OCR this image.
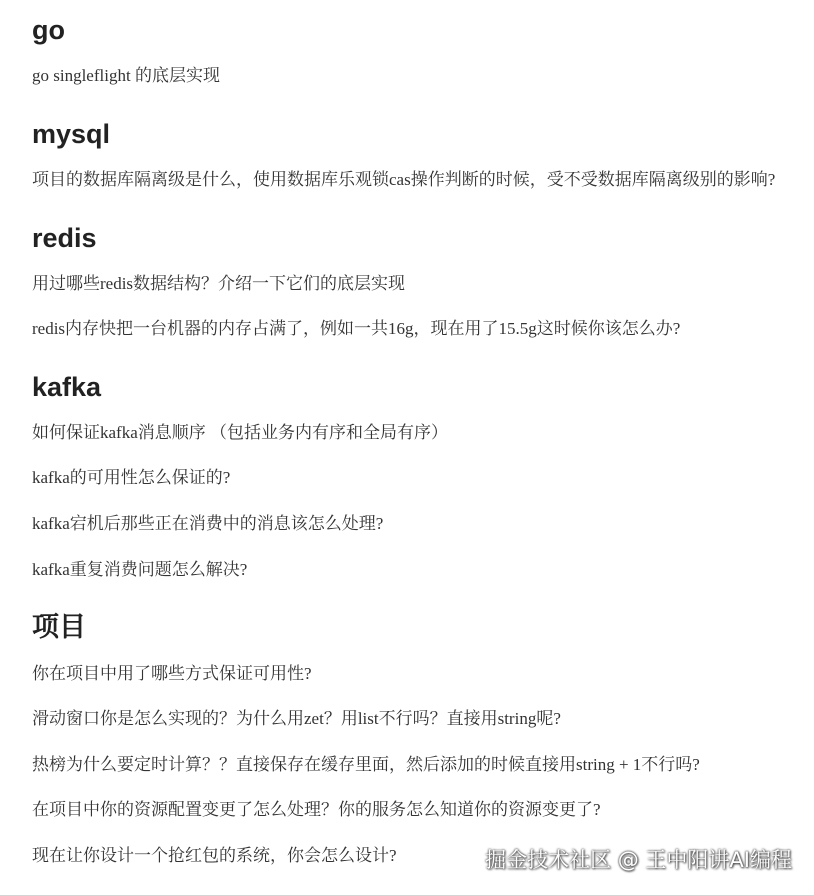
go

go singleflight 的底层实现

mysql

项目的数据库隔离级是什么，使用数据库乐观锁cas操作判断的时候，受不受数据库隔离级别的影响?

redis

用过哪些redis数据结构？介绍一下它们的底层实现

redis内存快把一台机器的内存占满了，例如一共16g，现在用了15.5g这时候你该怎么办?

kafka

如何保证kafka消息顺序 （包括业务内有序和全局有序）

kafka的可用性怎么保证的?

kafka宕机后那些正在消费中的消息该怎么处理?

kafka重复消费问题怎么解决?

项目

你在项目中用了哪些方式保证可用性?

滑动窗口你是怎么实现的？为什么用zet？用list不行吗？直接用string呢?

热榜为什么要定时计算？？直接保存在缓存里面，然后添加的时候直接用string + 1不行吗?

在项目中你的资源配置变更了怎么处理？你的服务怎么知道你的资源变更了?

现在让你设计一个抢红包的系统，你会怎么设计?	掘金技术社区 @ 王中阳讲AI编程
